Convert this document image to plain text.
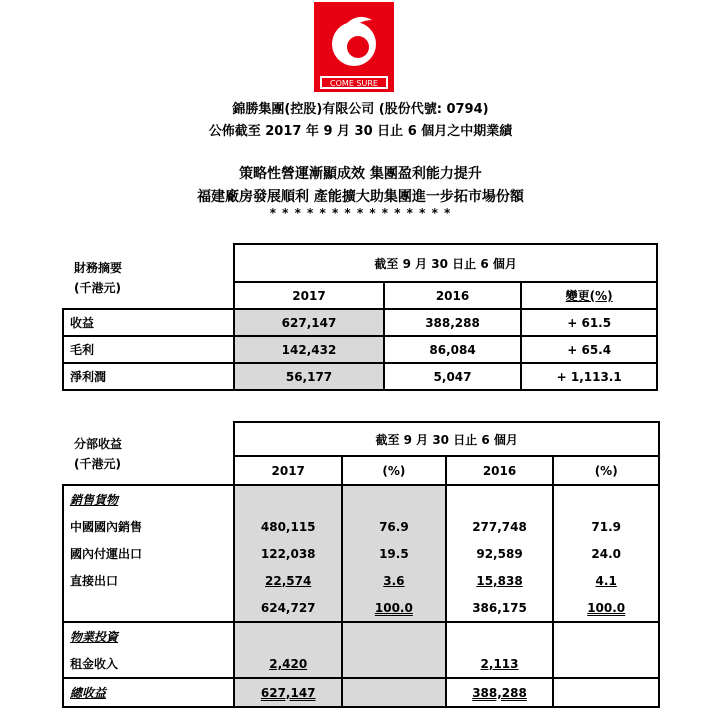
COME SURE
錦勝集團(控股)有限公司 (股份代號: 0794)
公佈截至 2017 年 9 月 30 日止 6 個月之中期業績
策略性營運漸顯成效 集團盈利能力提升
福建廠房發展順利 產能擴大助集團進一步拓市場份額
* * * * * * * * * * * * * * *
財務摘要
(千港元)
	截至 9 月 30 日止 6 個月		
	2017	2016	變更(%)
收益	627,147	388,288	+ 61.5
毛利	142,432	86,084	+ 65.4
淨利潤	56,177	5,047	+ 1,113.1
分部收益
(千港元)
	截至 9 月 30 日止 6 個月			
	2017	(%)	2016	(%)
銷售貨物				
中國國內銷售	480,115	76.9	277,748	71.9
國內付運出口	122,038	19.5	92,589	24.0
直接出口	22,574	3.6	15,838	4.1
	624,727	100.0	386,175	100.0
物業投資				
租金收入	2,420		2,113	
總收益	627,147		388,288	
